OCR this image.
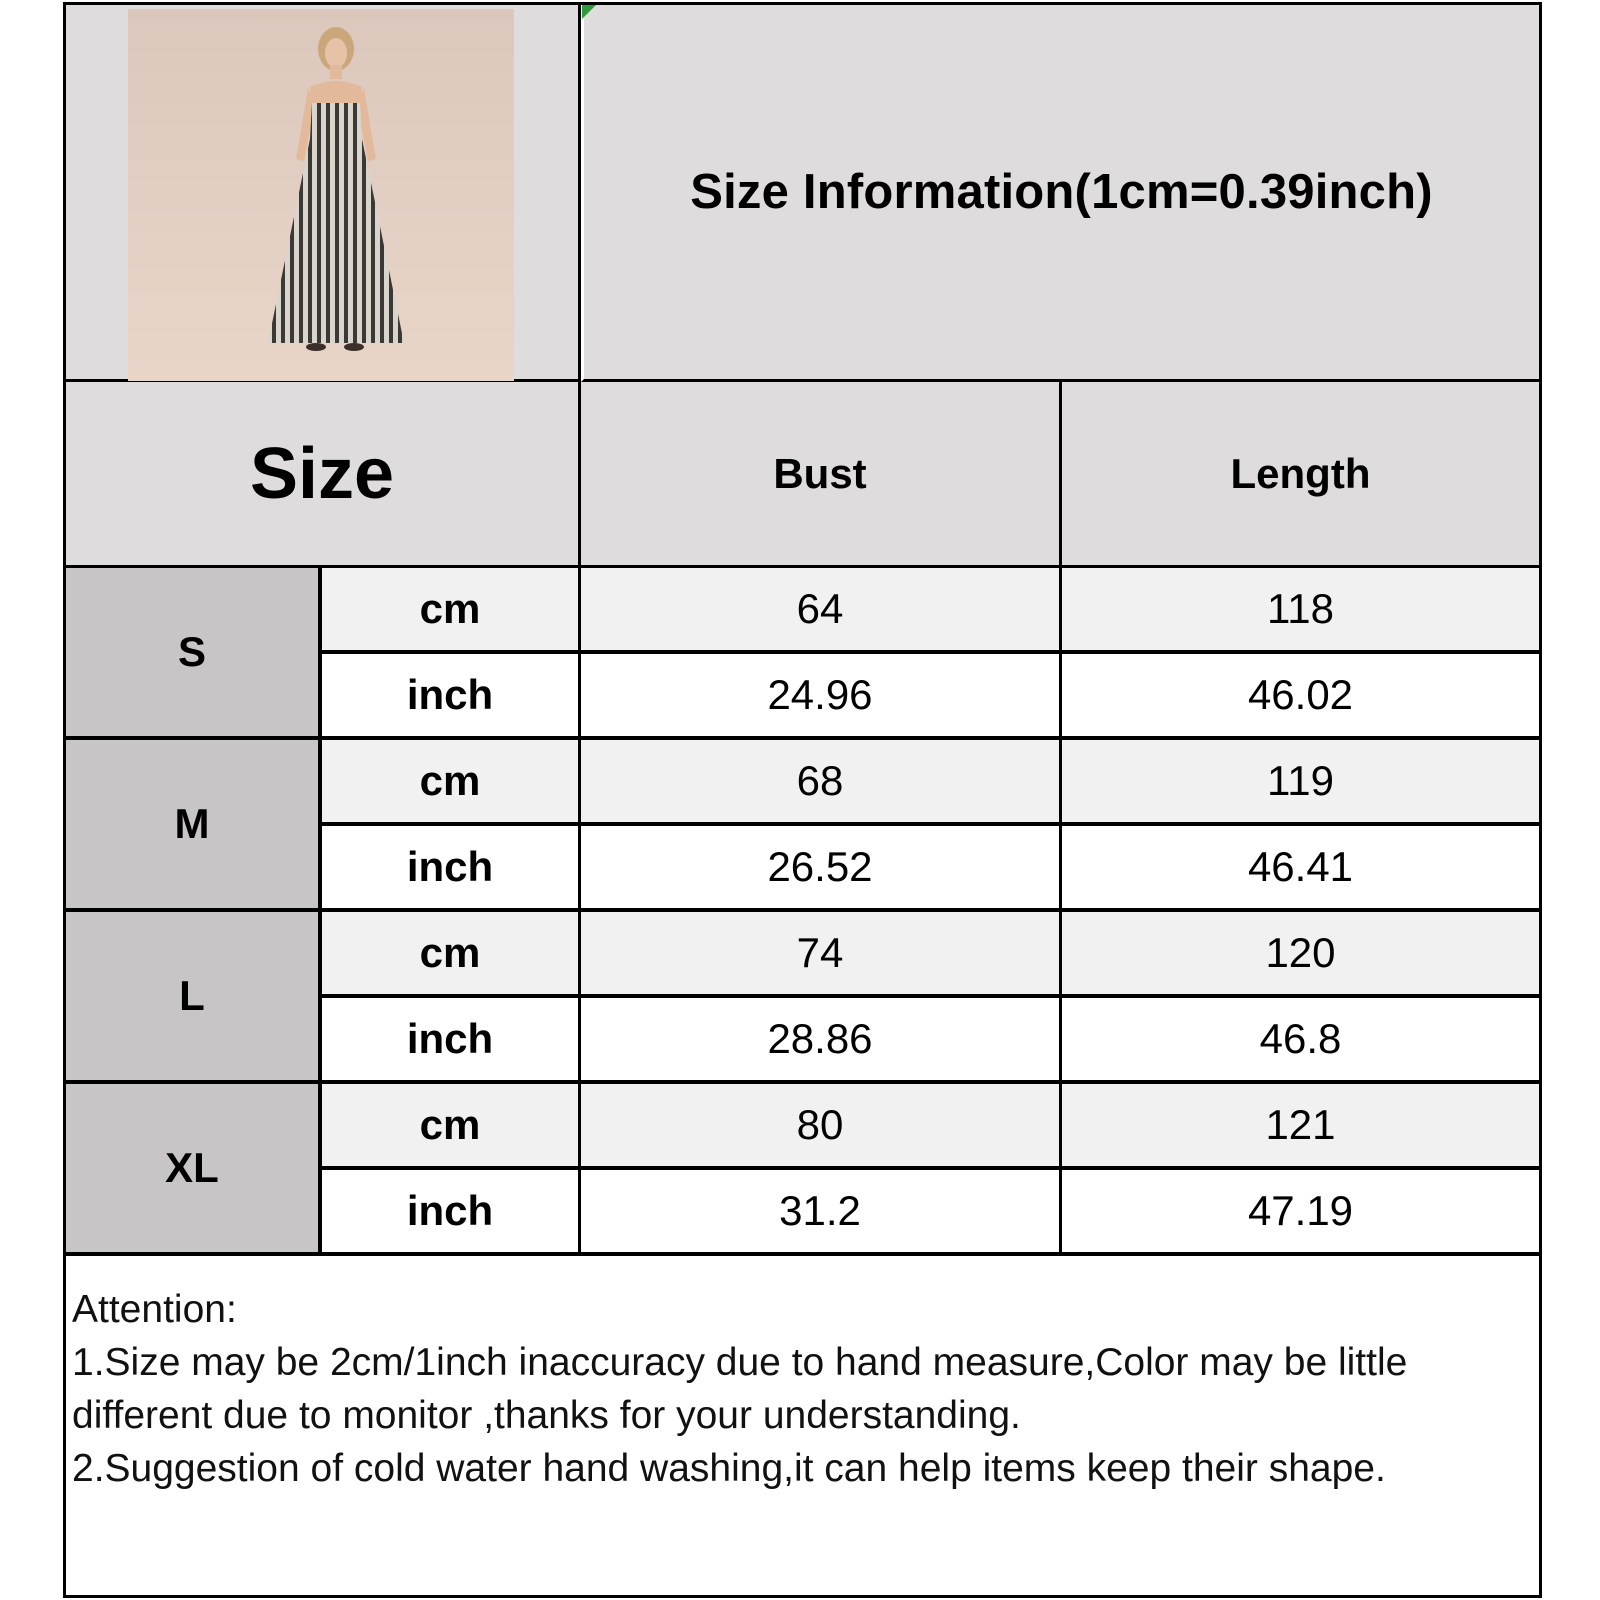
Size Information(1cm=0.39inch)
Size	Bust	Length
S
cm	64	118
inch	24.96	46.02
M
cm	68	119
inch	26.52	46.41
L
cm	74	120
inch	28.86	46.8
XL
cm	80	121
inch	31.2	47.19

Attention:

1.Size may be 2cm/1inch inaccuracy due to hand measure,Color may be little different due to monitor ,thanks for your understanding.

2.Suggestion of cold water hand washing,it can help items keep their shape.
